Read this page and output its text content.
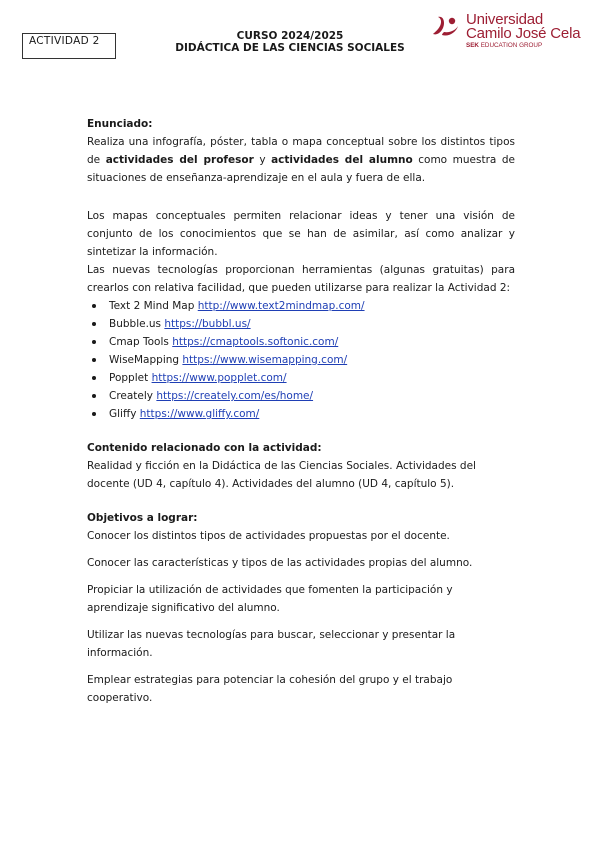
ACTIVIDAD 2	CURSO 2024/2025
DIDÁCTICA DE LAS CIENCIAS SOCIALES
Universidad
Camilo José Cela
SEK EDUCATION GROUP

Enunciado:

Realiza una infografía, póster, tabla o mapa conceptual sobre los distintos tipos de actividades del profesor y actividades del alumno como muestra de situaciones de enseñanza-aprendizaje en el aula y fuera de ella.

Los mapas conceptuales permiten relacionar ideas y tener una visión de conjunto de los conocimientos que se han de asimilar, así como analizar y sintetizar la información.

Las nuevas tecnologías proporcionan herramientas (algunas gratuitas) para crearlos con relativa facilidad, que pueden utilizarse para realizar la Actividad 2:

Text 2 Mind Map http://www.text2mindmap.com/
Bubble.us https://bubbl.us/
Cmap Tools https://cmaptools.softonic.com/
WiseMapping https://www.wisemapping.com/
Popplet https://www.popplet.com/
Creately https://creately.com/es/home/
Gliffy https://www.gliffy.com/

Contenido relacionado con la actividad:

Realidad y ficción en la Didáctica de las Ciencias Sociales. Actividades del docente (UD 4, capítulo 4). Actividades del alumno (UD 4, capítulo 5).

Objetivos a lograr:

Conocer los distintos tipos de actividades propuestas por el docente.

Conocer las características y tipos de las actividades propias del alumno.

Propiciar la utilización de actividades que fomenten la participación y aprendizaje significativo del alumno.

Utilizar las nuevas tecnologías para buscar, seleccionar y presentar la información.

Emplear estrategias para potenciar la cohesión del grupo y el trabajo cooperativo.
